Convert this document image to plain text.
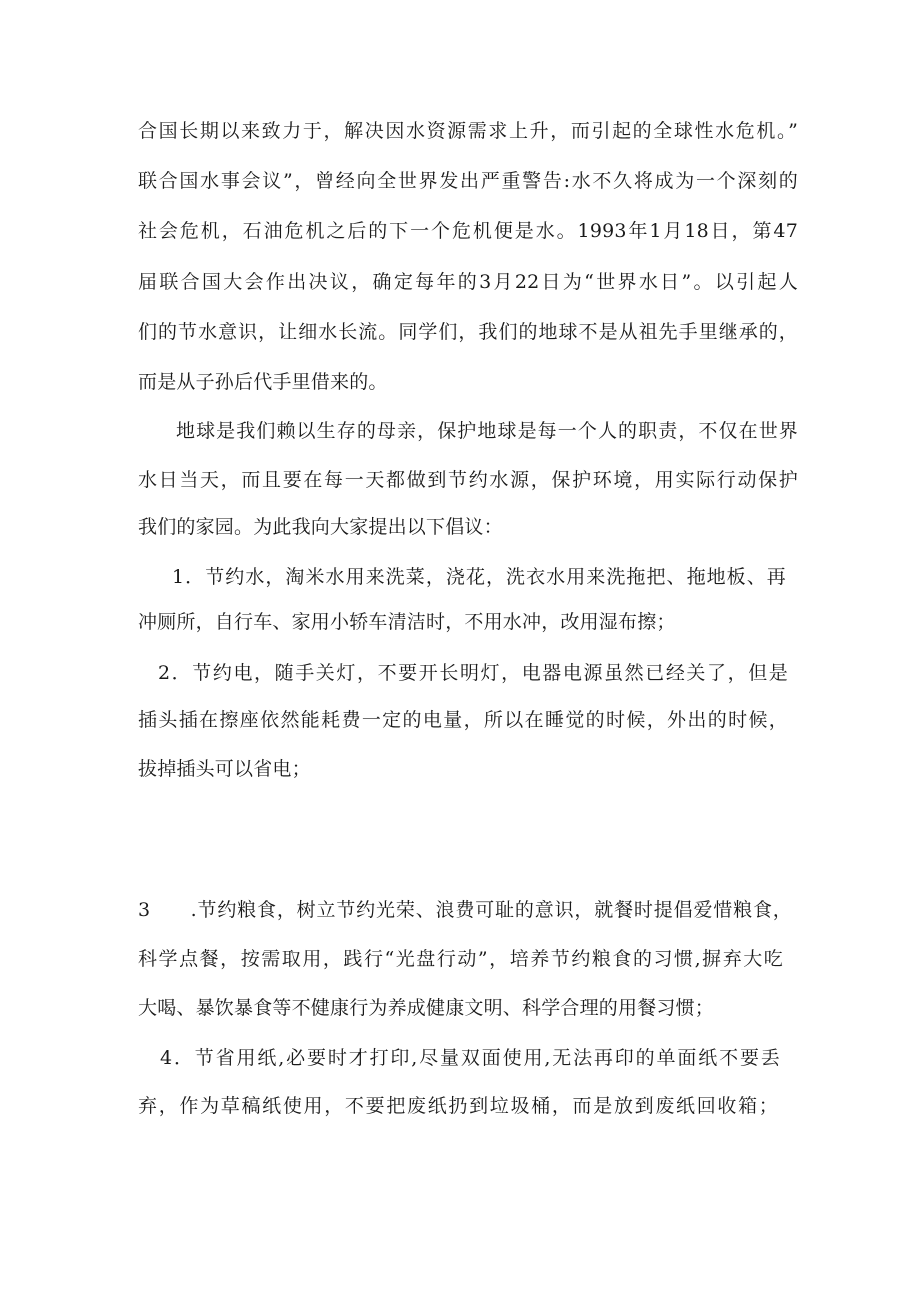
合国长期以来致力于，解决因水资源需求上升，而引起的全球性水危机。”
联合国水事会议”，曾经向全世界发出严重警告:水不久将成为一个深刻的
社会危机，石油危机之后的下一个危机便是水。1993年1月18日，第47
届联合国大会作出决议，确定每年的3月22日为“世界水日”。以引起人
们的节水意识，让细水长流。同学们，我们的地球不是从祖先手里继承的，
而是从子孙后代手里借来的。
地球是我们赖以生存的母亲，保护地球是每一个人的职责，不仅在世界
水日当天，而且要在每一天都做到节约水源，保护环境，用实际行动保护
我们的家园。为此我向大家提出以下倡议：
1．节约水，淘米水用来洗菜，浇花，洗衣水用来洗拖把、拖地板、再
冲厕所，自行车、家用小轿车清洁时，不用水冲，改用湿布擦；
2．节约电，随手关灯，不要开长明灯，电器电源虽然已经关了，但是
插头插在擦座依然能耗费一定的电量，所以在睡觉的时候，外出的时候，
拔掉插头可以省电；
3　　.节约粮食，树立节约光荣、浪费可耻的意识，就餐时提倡爱惜粮食，
科学点餐，按需取用，践行“光盘行动”，培养节约粮食的习惯,摒弃大吃
大喝、暴饮暴食等不健康行为养成健康文明、科学合理的用餐习惯；
4．节省用纸,必要时才打印,尽量双面使用,无法再印的单面纸不要丢
弃，作为草稿纸使用，不要把废纸扔到垃圾桶，而是放到废纸回收箱；
